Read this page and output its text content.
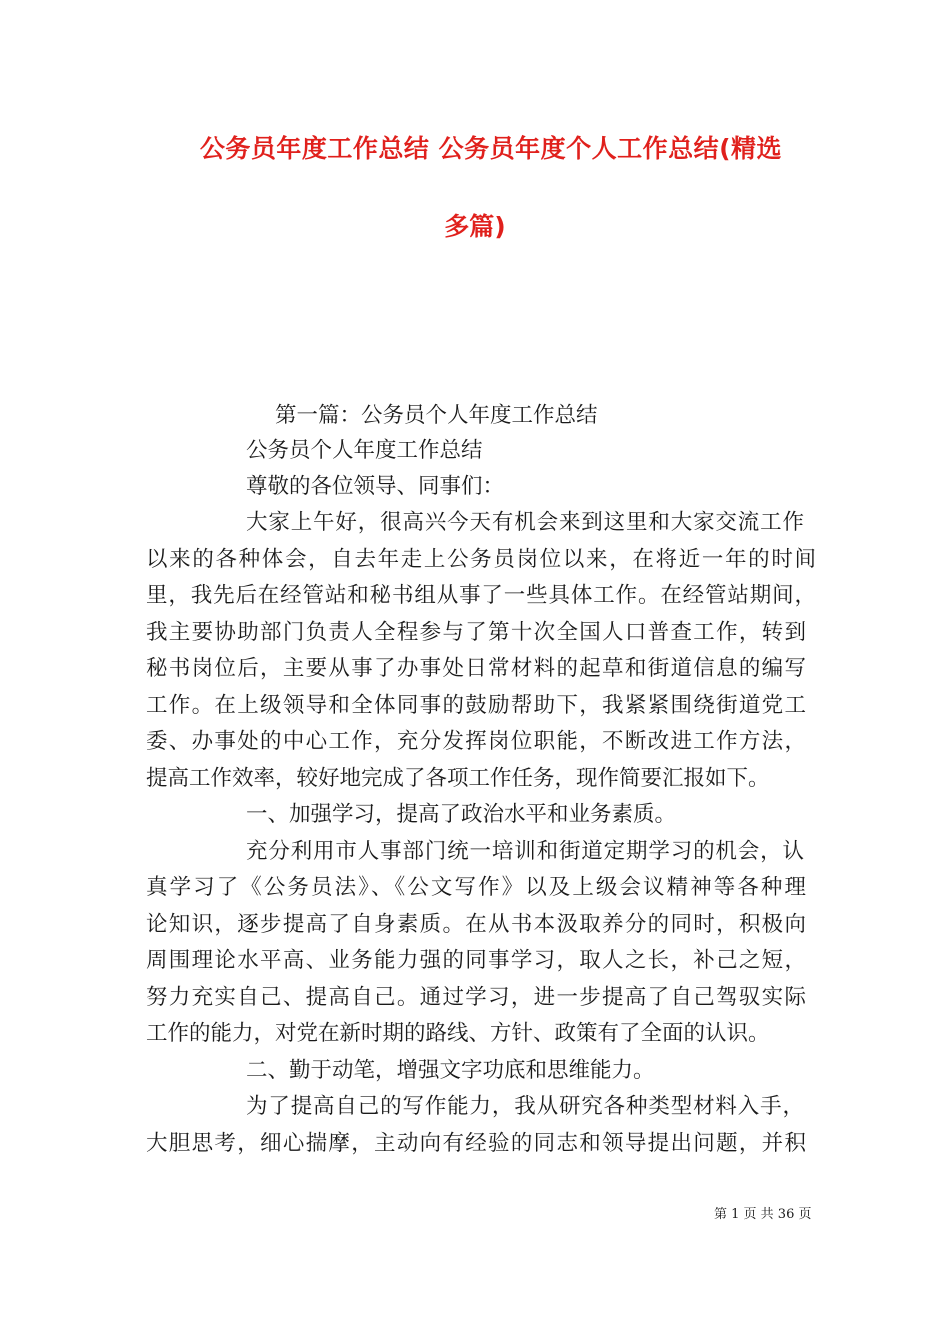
公务员年度工作总结 公务员年度个人工作总结(精选
多篇)
第一篇：公务员个人年度工作总结
公务员个人年度工作总结
尊敬的各位领导、同事们：
大家上午好，很高兴今天有机会来到这里和大家交流工作
以来的各种体会，自去年走上公务员岗位以来，在将近一年的时间
里，我先后在经管站和秘书组从事了一些具体工作。在经管站期间，
我主要协助部门负责人全程参与了第十次全国人口普查工作，转到
秘书岗位后，主要从事了办事处日常材料的起草和街道信息的编写
工作。在上级领导和全体同事的鼓励帮助下，我紧紧围绕街道党工
委、办事处的中心工作，充分发挥岗位职能，不断改进工作方法，
提高工作效率，较好地完成了各项工作任务，现作简要汇报如下。
一、加强学习，提高了政治水平和业务素质。
充分利用市人事部门统一培训和街道定期学习的机会，认
真学习了《公务员法》、《公文写作》以及上级会议精神等各种理
论知识，逐步提高了自身素质。在从书本汲取养分的同时，积极向
周围理论水平高、业务能力强的同事学习，取人之长，补己之短，
努力充实自己、提高自己。通过学习，进一步提高了自己驾驭实际
工作的能力，对党在新时期的路线、方针、政策有了全面的认识。
二、勤于动笔，增强文字功底和思维能力。
为了提高自己的写作能力，我从研究各种类型材料入手，
大胆思考，细心揣摩，主动向有经验的同志和领导提出问题，并积
第 1 页 共 36 页
